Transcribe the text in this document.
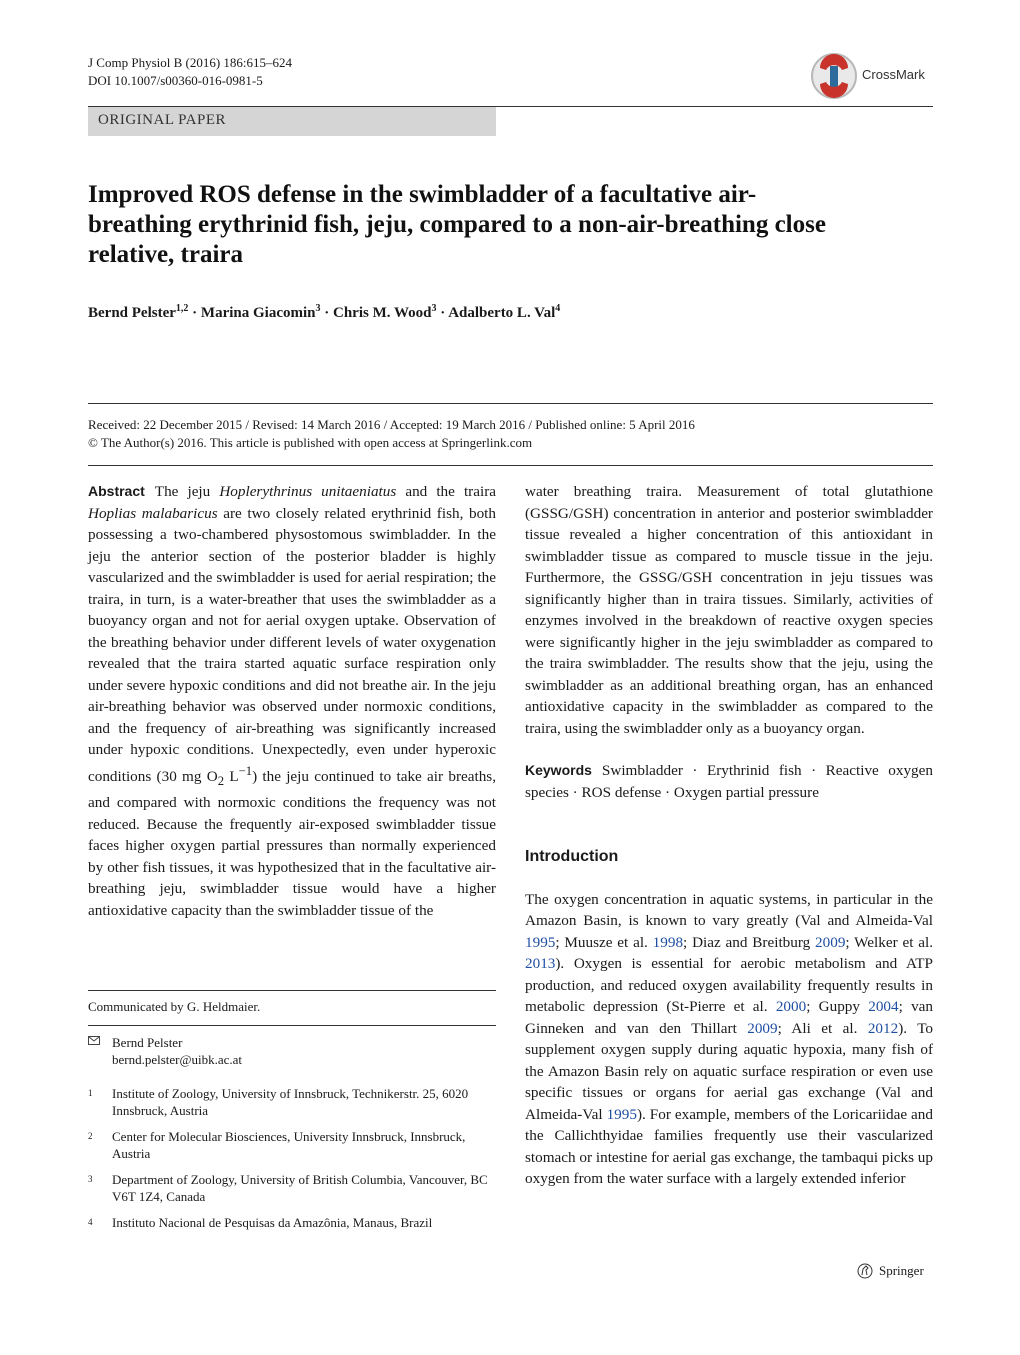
J Comp Physiol B (2016) 186:615–624
DOI 10.1007/s00360-016-0981-5	CrossMark
ORIGINAL PAPER
Improved ROS defense in the swimbladder of a facultative air-breathing erythrinid fish, jeju, compared to a non-air-breathing close relative, traira
Bernd Pelster$^{1,2}$ · Marina Giacomin$^3$ · Chris M. Wood$^3$ · Adalberto L. Val$^4$
Received: 22 December 2015 / Revised: 14 March 2016 / Accepted: 19 March 2016 / Published online: 5 April 2016
© The Author(s) 2016. This article is published with open access at Springerlink.com

Abstract The jeju Hoplerythrinus unitaeniatus and the traira Hoplias malabaricus are two closely related erythrinid fish, both possessing a two-chambered physostomous swimbladder. In the jeju the anterior section of the posterior bladder is highly vascularized and the swimbladder is used for aerial respiration; the traira, in turn, is a water-breather that uses the swimbladder as a buoyancy organ and not for aerial oxygen uptake. Observation of the breathing behavior under different levels of water oxygenation revealed that the traira started aquatic surface respiration only under severe hypoxic conditions and did not breathe air. In the jeju air-breathing behavior was observed under normoxic conditions, and the frequency of air-breathing was significantly increased under hypoxic conditions. Unexpectedly, even under hyperoxic conditions (30 mg $O_2$ $L^{-1}$) the jeju continued to take air breaths, and compared with normoxic conditions the frequency was not reduced. Because the frequently air-exposed swimbladder tissue faces higher oxygen partial pressures than normally experienced by other fish tissues, it was hypothesized that in the facultative air-breathing jeju, swimbladder tissue would have a higher antioxidative capacity than the swimbladder tissue of the

water breathing traira. Measurement of total glutathione (GSSG/GSH) concentration in anterior and posterior swimbladder tissue revealed a higher concentration of this antioxidant in swimbladder tissue as compared to muscle tissue in the jeju. Furthermore, the GSSG/GSH concentration in jeju tissues was significantly higher than in traira tissues. Similarly, activities of enzymes involved in the breakdown of reactive oxygen species were significantly higher in the jeju swimbladder as compared to the traira swimbladder. The results show that the jeju, using the swimbladder as an additional breathing organ, has an enhanced antioxidative capacity in the swimbladder as compared to the traira, using the swimbladder only as a buoyancy organ.

Keywords Swimbladder · Erythrinid fish · Reactive oxygen species · ROS defense · Oxygen partial pressure

Introduction

The oxygen concentration in aquatic systems, in particular in the Amazon Basin, is known to vary greatly (Val and Almeida-Val 1995; Muusze et al. 1998; Diaz and Breitburg 2009; Welker et al. 2013). Oxygen is essential for aerobic metabolism and ATP production, and reduced oxygen availability frequently results in metabolic depression (St-Pierre et al. 2000; Guppy 2004; van Ginneken and van den Thillart 2009; Ali et al. 2012). To supplement oxygen supply during aquatic hypoxia, many fish of the Amazon Basin rely on aquatic surface respiration or even use specific tissues or organs for aerial gas exchange (Val and Almeida-Val 1995). For example, members of the Loricariidae and the Callichthyidae families frequently use their vascularized stomach or intestine for aerial gas exchange, the tambaqui picks up oxygen from the water surface with a largely extended inferior

Communicated by G. Heldmaier.
Bernd Pelster
bernd.pelster@uibk.ac.at
1 Institute of Zoology, University of Innsbruck, Technikerstr. 25, 6020 Innsbruck, Austria
2 Center for Molecular Biosciences, University Innsbruck, Innsbruck, Austria
3 Department of Zoology, University of British Columbia, Vancouver, BC V6T 1Z4, Canada
4 Instituto Nacional de Pesquisas da Amazônia, Manaus, Brazil
Springer
